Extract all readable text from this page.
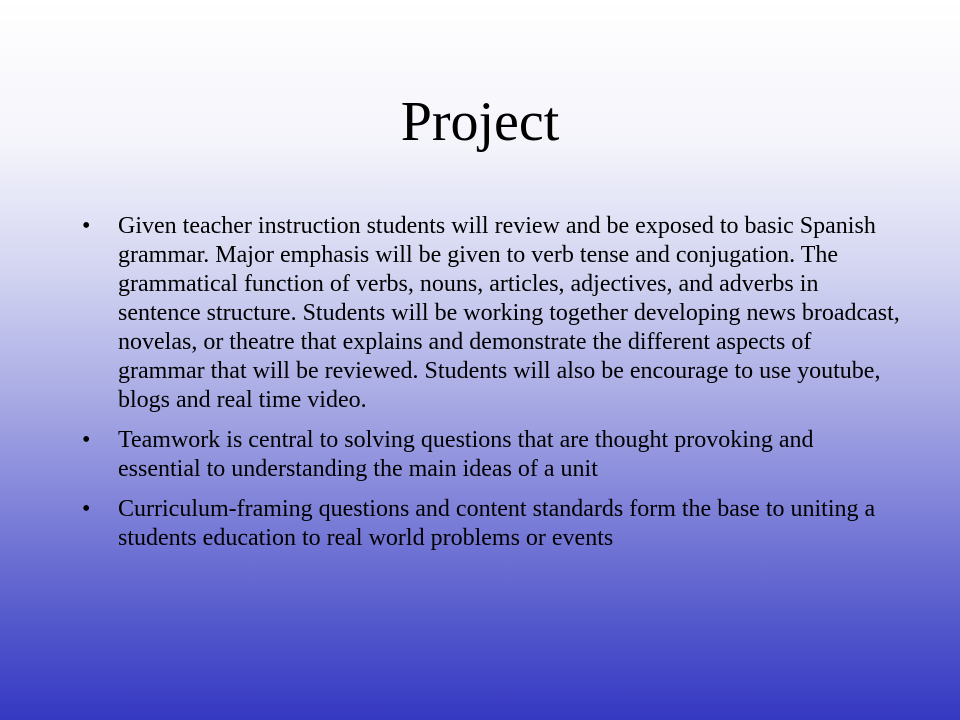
Project
• Given teacher instruction students will review and be exposed to basic Spanish grammar. Major emphasis will be given to verb tense and conjugation. The grammatical function of verbs, nouns, articles, adjectives, and adverbs in sentence structure. Students will be working together developing news broadcast, novelas, or theatre that explains and demonstrate the different aspects of grammar that will be reviewed. Students will also be encourage to use youtube, blogs and real time video.
• Teamwork is central to solving questions that are thought provoking and essential to understanding the main ideas of a unit
• Curriculum-framing questions and content standards form the base to uniting a students education to real world problems or events
